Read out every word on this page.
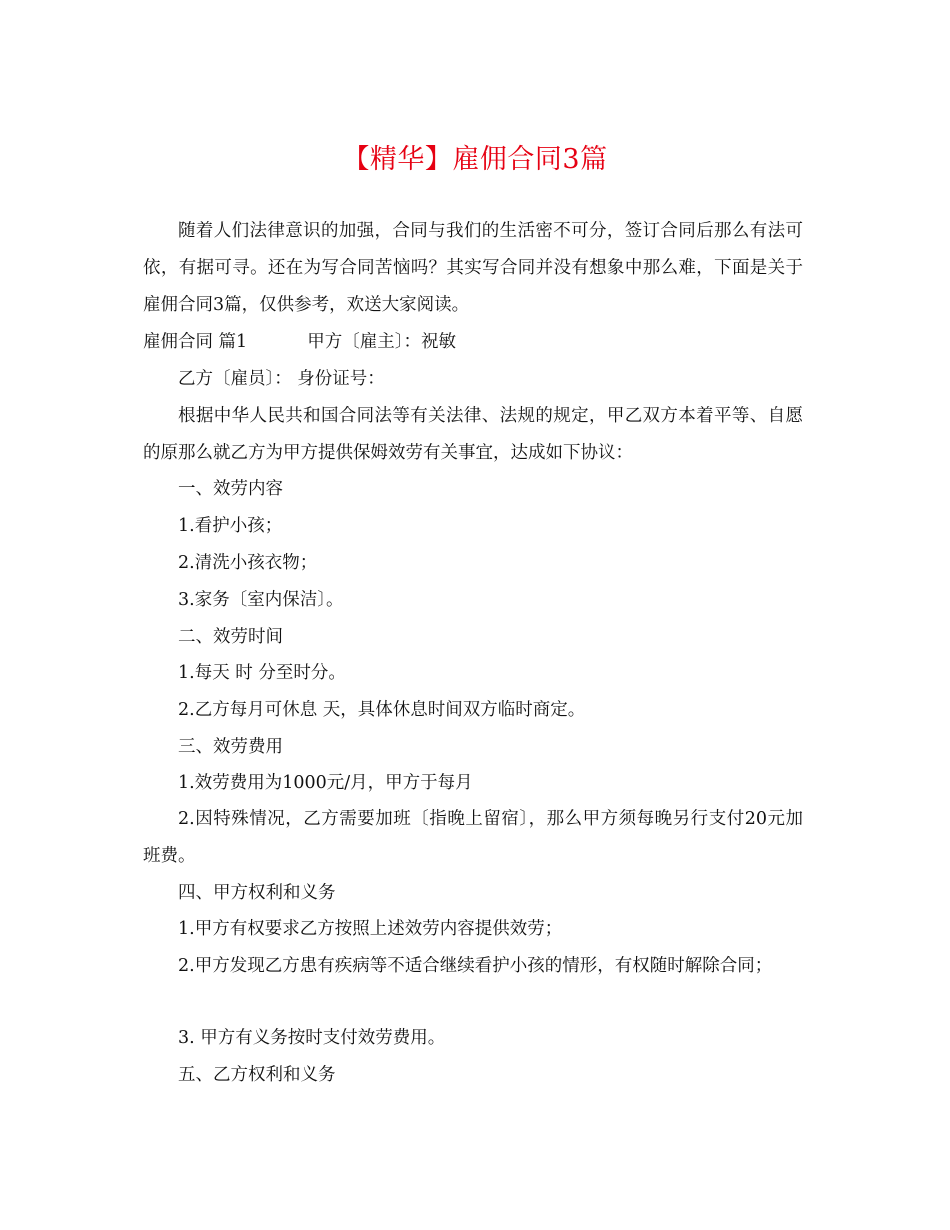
【精华】雇佣合同3篇

随着人们法律意识的加强，合同与我们的生活密不可分，签订合同后那么有法可依，有据可寻。还在为写合同苦恼吗？其实写合同并没有想象中那么难，下面是关于雇佣合同3篇，仅供参考，欢送大家阅读。

雇佣合同 篇1	甲方〔雇主〕：祝敏
乙方〔雇员〕： 身份证号：

根据中华人民共和国合同法等有关法律、法规的规定，甲乙双方本着平等、自愿的原那么就乙方为甲方提供保姆效劳有关事宜，达成如下协议：

一、效劳内容
1.看护小孩；
2.清洗小孩衣物；
3.家务〔室内保洁〕。
二、效劳时间
1.每天 时 分至时分。
2.乙方每月可休息 天，具体休息时间双方临时商定。
三、效劳费用
1.效劳费用为1000元/月，甲方于每月

2.因特殊情况，乙方需要加班〔指晚上留宿〕，那么甲方须每晚另行支付20元加班费。

四、甲方权利和义务
1.甲方有权要求乙方按照上述效劳内容提供效劳；

2.甲方发现乙方患有疾病等不适合继续看护小孩的情形，有权随时解除合同；

3. 甲方有义务按时支付效劳费用。
五、乙方权利和义务
